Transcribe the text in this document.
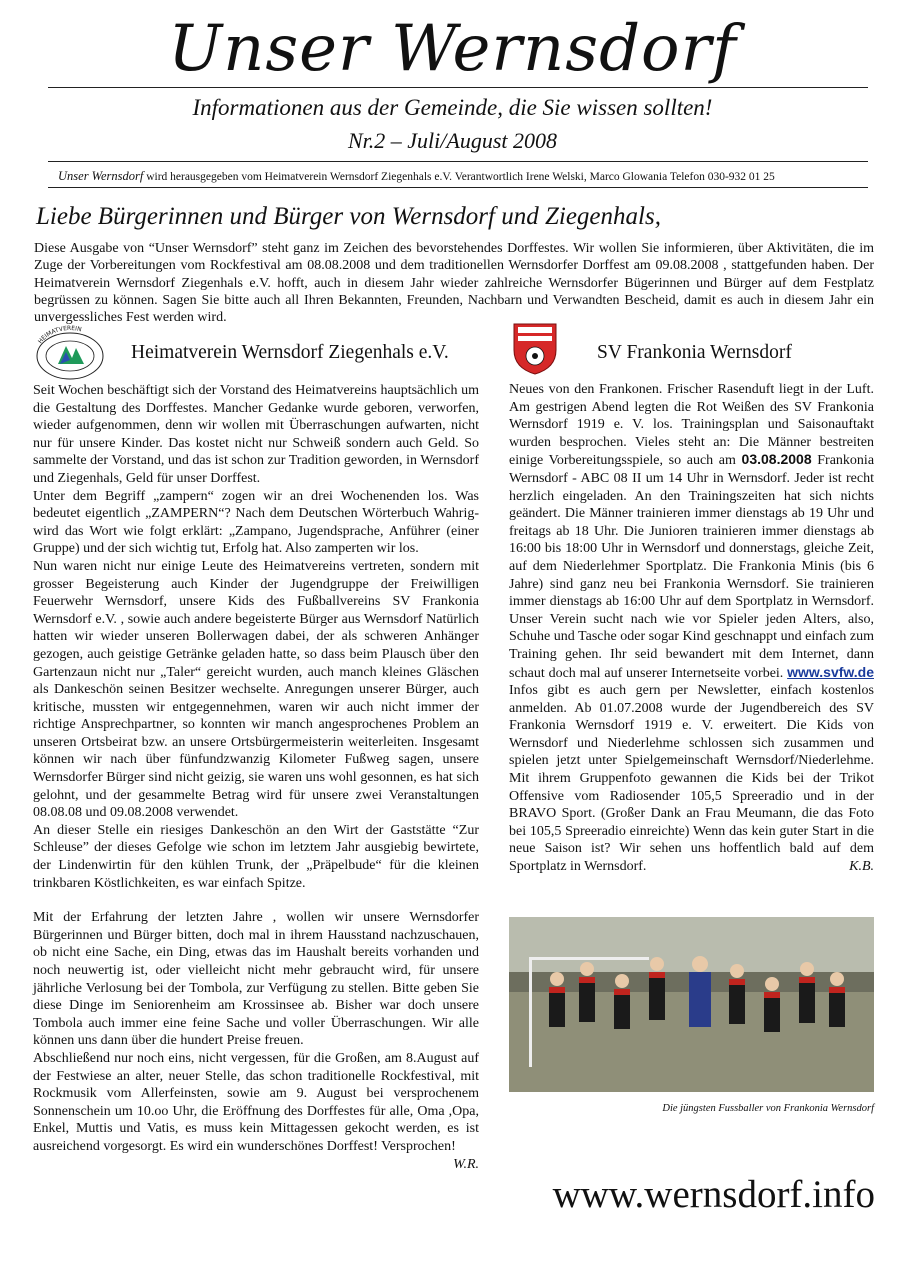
Unser Wernsdorf
Informationen aus der Gemeinde, die Sie wissen sollten!
Nr.2 – Juli/August 2008
Unser Wernsdorf wird herausgegeben vom Heimatverein Wernsdorf Ziegenhals e.V. Verantwortlich Irene Welski, Marco Glowania Telefon 030-932 01 25
Liebe Bürgerinnen und Bürger von Wernsdorf und Ziegenhals,
Diese Ausgabe von “Unser Wernsdorf” steht ganz im Zeichen des bevorstehendes Dorffestes. Wir wollen Sie informieren, über Aktivitäten, die im Zuge der Vorbereitungen vom Rockfestival am 08.08.2008 und dem traditionellen Wernsdorfer Dorffest am 09.08.2008 , stattgefunden haben. Der Heimatverein Wernsdorf Ziegenhals e.V. hofft, auch in diesem Jahr wieder zahlreiche Wernsdorfer Bügerinnen und Bürger auf dem Festplatz begrüssen zu können. Sagen Sie bitte auch all Ihren Bekannten, Freunden, Nachbarn und Verwandten Bescheid, damit es auch in diesem Jahr ein unvergessliches Fest werden wird.
HEIMATVEREIN
Heimatverein Wernsdorf Ziegenhals e.V.	SV Frankonia Wernsdorf

Seit Wochen beschäftigt sich der Vorstand des Heimatvereins hauptsächlich um die Gestaltung des Dorffestes. Mancher Gedanke wurde geboren, verworfen, wieder aufgenommen, denn wir wollen mit Überraschungen aufwarten, nicht nur für unsere Kinder. Das kostet nicht nur Schweiß sondern auch Geld. So sammelte der Vorstand, und das ist schon zur Tradition geworden, in Wernsdorf und Ziegenhals, Geld für unser Dorffest.

Unter dem Begriff „zampern“ zogen wir an drei Wochenenden los. Was bedeutet eigentlich „ZAMPERN“? Nach dem Deutschen Wörterbuch Wahrig- wird das Wort wie folgt erklärt: „Zampano, Jugendsprache, Anführer (einer Gruppe) und der sich wichtig tut, Erfolg hat. Also zamperten wir los.

Nun waren nicht nur einige Leute des Heimatvereins vertreten, sondern mit grosser Begeisterung auch Kinder der Jugendgruppe der Freiwilligen Feuerwehr Wernsdorf, unsere Kids des Fußballvereins SV Frankonia Wernsdorf e.V. , sowie auch andere begeisterte Bürger aus Wernsdorf Natürlich hatten wir wieder unseren Bollerwagen dabei, der als schweren Anhänger gezogen, auch geistige Getränke geladen hatte, so dass beim Plausch über den Gartenzaun nicht nur „Taler“ gereicht wurden, auch manch kleines Gläschen als Dankeschön seinen Besitzer wechselte. Anregungen unserer Bürger, auch kritische, mussten wir entgegennehmen, waren wir auch nicht immer der richtige Ansprechpartner, so konnten wir manch angesprochenes Problem an unseren Ortsbeirat bzw. an unsere Ortsbürgermeisterin weiterleiten. Insgesamt können wir nach über fünfundzwanzig Kilometer Fußweg sagen, unsere Wernsdorfer Bürger sind nicht geizig, sie waren uns wohl gesonnen, es hat sich gelohnt, und der gesammelte Betrag wird für unsere zwei Veranstaltungen 08.08.08 und 09.08.2008 verwendet.

An dieser Stelle ein riesiges Dankeschön an den Wirt der Gaststätte “Zur Schleuse” der dieses Gefolge wie schon im letztem Jahr ausgiebig bewirtete, der Lindenwirtin für den kühlen Trunk, der „Präpelbude“ für die kleinen trinkbaren Köstlichkeiten, es war einfach Spitze.

Mit der Erfahrung der letzten Jahre , wollen wir unsere Wernsdorfer Bürgerinnen und Bürger bitten, doch mal in ihrem Hausstand nachzuschauen, ob nicht eine Sache, ein Ding, etwas das im Haushalt bereits vorhanden und noch neuwertig ist, oder vielleicht nicht mehr gebraucht wird, für unsere jährliche Verlosung bei der Tombola, zur Verfügung zu stellen. Bitte geben Sie diese Dinge im Seniorenheim am Krossinsee ab. Bisher war doch unsere Tombola auch immer eine feine Sache und voller Überraschungen. Wir alle können uns dann über die hundert Preise freuen.

Abschließend nur noch eins, nicht vergessen, für die Großen, am 8.August auf der Festwiese an alter, neuer Stelle, das schon traditionelle Rockfestival, mit Rockmusik vom Allerfeinsten, sowie am 9. August bei versprochenem Sonnenschein um 10.oo Uhr, die Eröffnung des Dorffestes für alle, Oma ,Opa, Enkel, Muttis und Vatis, es muss kein Mittagessen gekocht werden, es ist ausreichend vorgesorgt. Es wird ein wunderschönes Dorffest! Versprochen!
W.R.

Neues von den Frankonen. Frischer Rasenduft liegt in der Luft. Am gestrigen Abend legten die Rot Weißen des SV Frankonia Wernsdorf 1919 e. V. los. Trainingsplan und Saisonauftakt wurden besprochen. Vieles steht an: Die Männer bestreiten einige Vorbereitungsspiele, so auch am 03.08.2008 Frankonia Wernsdorf - ABC 08 II um 14 Uhr in Wernsdorf. Jeder ist recht herzlich eingeladen. An den Trainingszeiten hat sich nichts geändert. Die Männer trainieren immer dienstags ab 19 Uhr und freitags ab 18 Uhr. Die Junioren trainieren immer dienstags ab 16:00 bis 18:00 Uhr in Wernsdorf und donnerstags, gleiche Zeit, auf dem Niederlehmer Sportplatz. Die Frankonia Minis (bis 6 Jahre) sind ganz neu bei Frankonia Wernsdorf. Sie trainieren immer dienstags ab 16:00 Uhr auf dem Sportplatz in Wernsdorf. Unser Verein sucht nach wie vor Spieler jeden Alters, also, Schuhe und Tasche oder sogar Kind geschnappt und einfach zum Training gehen. Ihr seid bewandert mit dem Internet, dann schaut doch mal auf unserer Internetseite vorbei. www.svfw.de Infos gibt es auch gern per Newsletter, einfach kostenlos anmelden. Ab 01.07.2008 wurde der Jugendbereich des SV Frankonia Wernsdorf 1919 e. V. erweitert. Die Kids von Wernsdorf und Niederlehme schlossen sich zusammen und spielen jetzt unter Spielgemeinschaft Wernsdorf/Niederlehme. Mit ihrem Gruppenfoto gewannen die Kids bei der Trikot Offensive vom Radiosender 105,5 Spreeradio und in der BRAVO Sport. (Großer Dank an Frau Meumann, die das Foto bei 105,5 Spreeradio einreichte) Wenn das kein guter Start in die neue Saison ist? Wir sehen uns hoffentlich bald auf dem Sportplatz in Wernsdorf.	K.B.

Die jüngsten Fussballer von Frankonia Wernsdorf
www.wernsdorf.info
